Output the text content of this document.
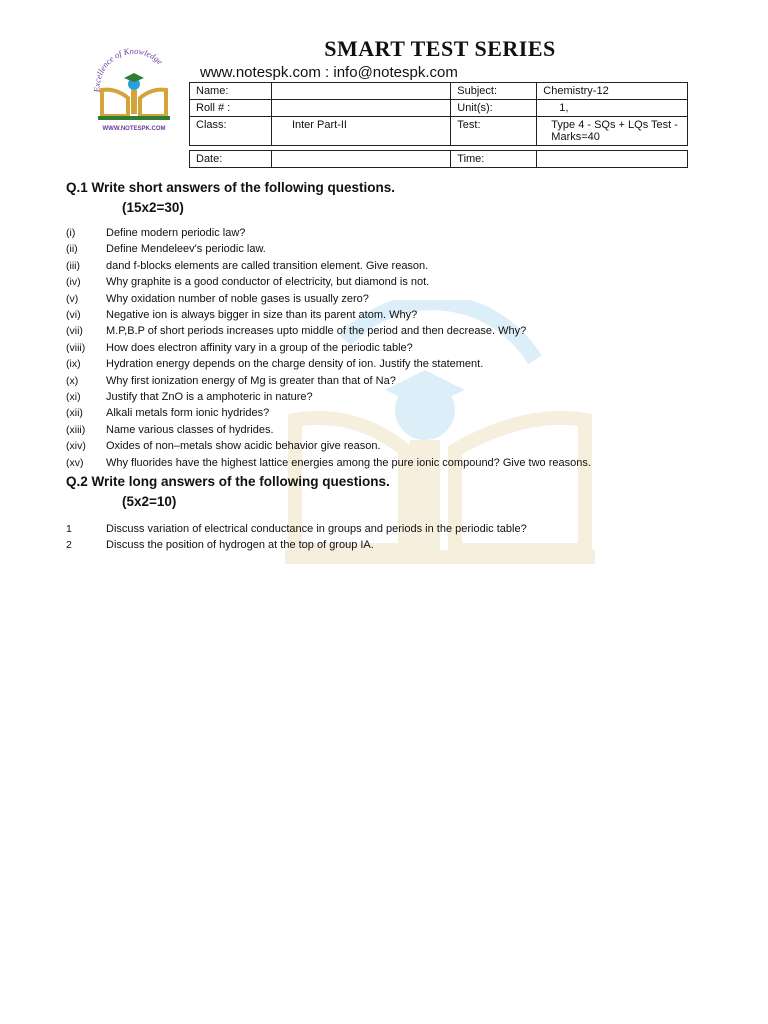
Excellence of Knowledge
WWW.NOTESPK.COM
SMART TEST SERIES
www.notespk.com : info@notespk.com
Name:		Subject:	Chemistry-12
Roll # :		Unit(s):	1,
Class:	Inter Part-II	Test:	Type 4 - SQs + LQs Test - Marks=40

Date:		Time:	
Q.1 Write short answers of the following questions.
(15x2=30)
(i)	Define modern periodic law?
(ii)	Define Mendeleev's periodic law.
(iii)	dand f-blocks elements are called transition element. Give reason.
(iv)	Why graphite is a good conductor of electricity, but diamond is not.
(v)	Why oxidation number of noble gases is usually zero?
(vi)	Negative ion is always bigger in size than its parent atom. Why?
(vii)	M.P,B.P of short periods increases upto middle of the period and then decrease. Why?
(viii)	How does electron affinity vary in a group of the periodic table?
(ix)	Hydration energy depends on the charge density of ion. Justify the statement.
(x)	Why first ionization energy of Mg is greater than that of Na?
(xi)	Justify that ZnO is a amphoteric in nature?
(xii)	Alkali metals form ionic hydrides?
(xiii)	Name various classes of hydrides.
(xiv)	Oxides of non–metals show acidic behavior give reason.
(xv)	Why fluorides have the highest lattice energies among the pure ionic compound? Give two reasons.
Q.2 Write long answers of the following questions.
(5x2=10)
1	Discuss variation of electrical conductance in groups and periods in the periodic table?
2	Discuss the position of hydrogen at the top of group IA.
